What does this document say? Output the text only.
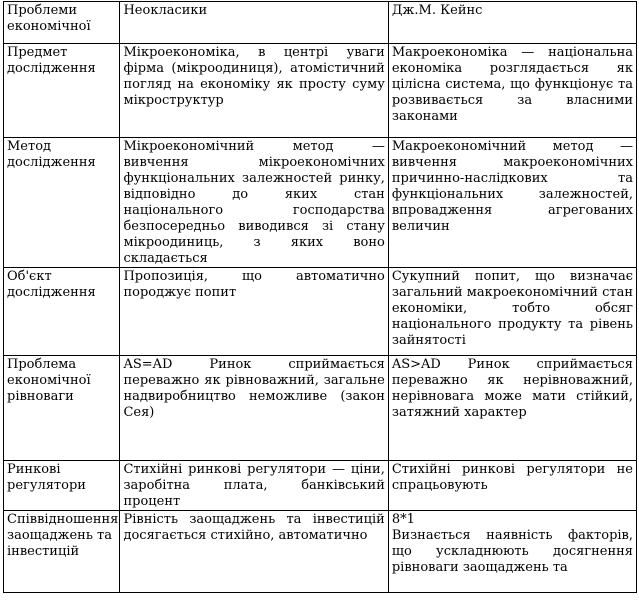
Проблеми економічної	Неокласики	Дж.М. Кейнс

Предмет дослідження	Мікроекономіка, в центрі уваги фірма (мікроодиниця), атомістичний погляд на економіку як просту суму мікроструктур	Макроекономіка — національна економіка розглядається як цілісна система, що функціонує та розвивається за власними законами

Метод дослідження	Мікроекономічний метод — вивчення мікроекономічних функціональних залежностей ринку, відповідно до яких стан національного господарства безпосередньо виводився зі стану мікроодиниць, з яких воно складається	Макроекономічний метод — вивчення макроекономічних причинно-наслідкових та функціональних залежностей, впровадження агрегованих величин

Об'єкт дослідження	Пропозиція, що автоматично породжує попит	Сукупний попит, що визначає загальний макроекономічний стан економіки, тобто обсяг національного продукту та рівень зайнятості

Проблема економічної рівноваги	AS=AD Ринок сприймається переважно як рівноважний, загальне надвиробництво неможливе (закон Сея)	AS>AD Ринок сприймається переважно як нерівноважний, нерівновага може мати стійкий, затяжний характер

Ринкові регулятори	Стихійні ринкові регулятори — ціни, заробітна плата, банківський процент	Стихійні ринкові регулятори не спрацьовують

Співвідношення заощаджень та інвестицій	Рівність заощаджень та інвестицій досягається стихійно, автоматично	8*1
Визнається наявність факторів, що ускладнюють досягнення рівноваги заощаджень та
